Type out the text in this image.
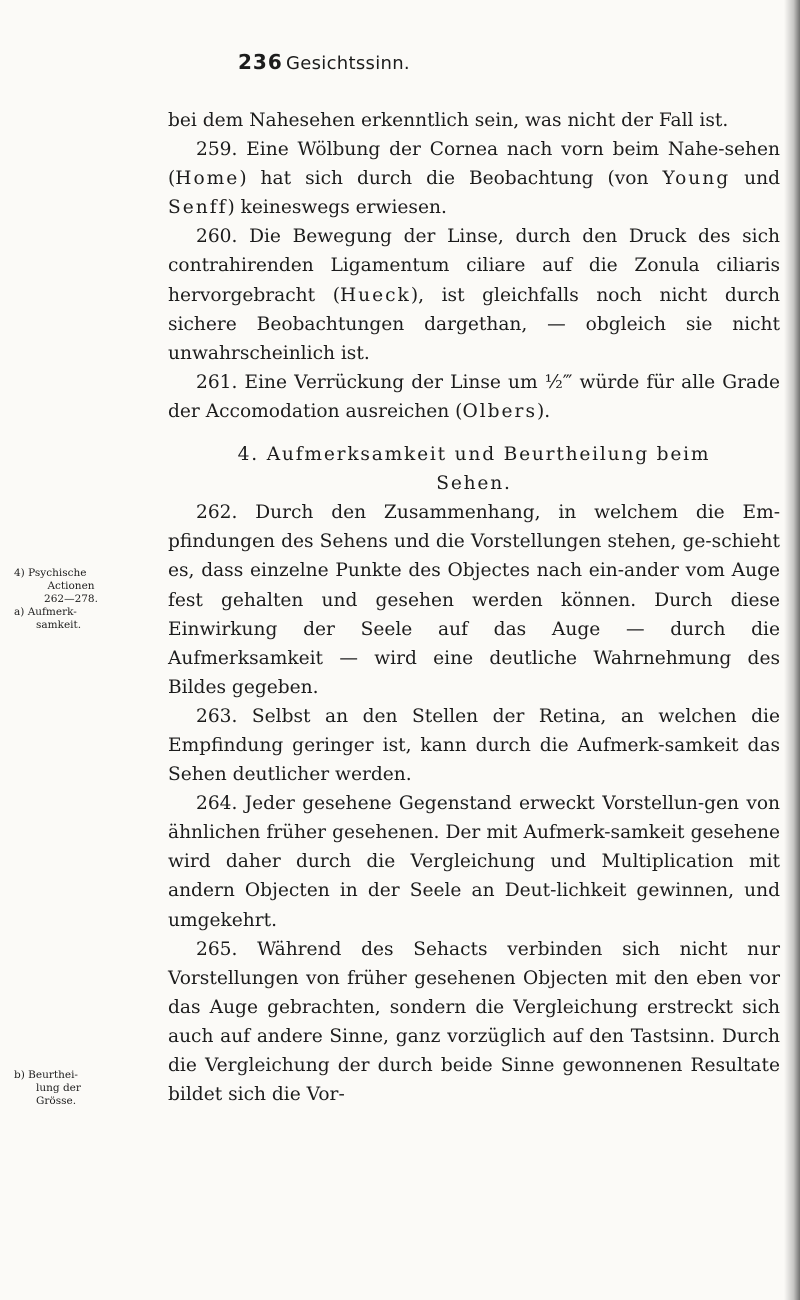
236 Gesichtssinn.

bei dem Nahesehen erkenntlich sein, was nicht der Fall ist.

259. Eine Wölbung der Cornea nach vorn beim Nahe-sehen (Home) hat sich durch die Beobachtung (von Young und Senff) keineswegs erwiesen.

260. Die Bewegung der Linse, durch den Druck des sich contrahirenden Ligamentum ciliare auf die Zonula ciliaris hervorgebracht (Hueck), ist gleichfalls noch nicht durch sichere Beobachtungen dargethan, — obgleich sie nicht unwahrscheinlich ist.

261. Eine Verrückung der Linse um ½‴ würde für alle Grade der Accomodation ausreichen (Olbers).

4. Aufmerksamkeit und Beurtheilung beim
Sehen.

262. Durch den Zusammenhang, in welchem die Em-pfindungen des Sehens und die Vorstellungen stehen, ge-schieht es, dass einzelne Punkte des Objectes nach ein-ander vom Auge fest gehalten und gesehen werden können. Durch diese Einwirkung der Seele auf das Auge — durch die Aufmerksamkeit — wird eine deutliche Wahrnehmung des Bildes gegeben.

263. Selbst an den Stellen der Retina, an welchen die Empfindung geringer ist, kann durch die Aufmerk-samkeit das Sehen deutlicher werden.

264. Jeder gesehene Gegenstand erweckt Vorstellun-gen von ähnlichen früher gesehenen. Der mit Aufmerk-samkeit gesehene wird daher durch die Vergleichung und Multiplication mit andern Objecten in der Seele an Deut-lichkeit gewinnen, und umgekehrt.

265. Während des Sehacts verbinden sich nicht nur Vorstellungen von früher gesehenen Objecten mit den eben vor das Auge gebrachten, sondern die Vergleichung erstreckt sich auch auf andere Sinne, ganz vorzüglich auf den Tastsinn. Durch die Vergleichung der durch beide Sinne gewonnenen Resultate bildet sich die Vor-

4) Psychische
Actionen
262—278.
a) Aufmerk-
samkeit.
b) Beurthei-
lung der
Grösse.
